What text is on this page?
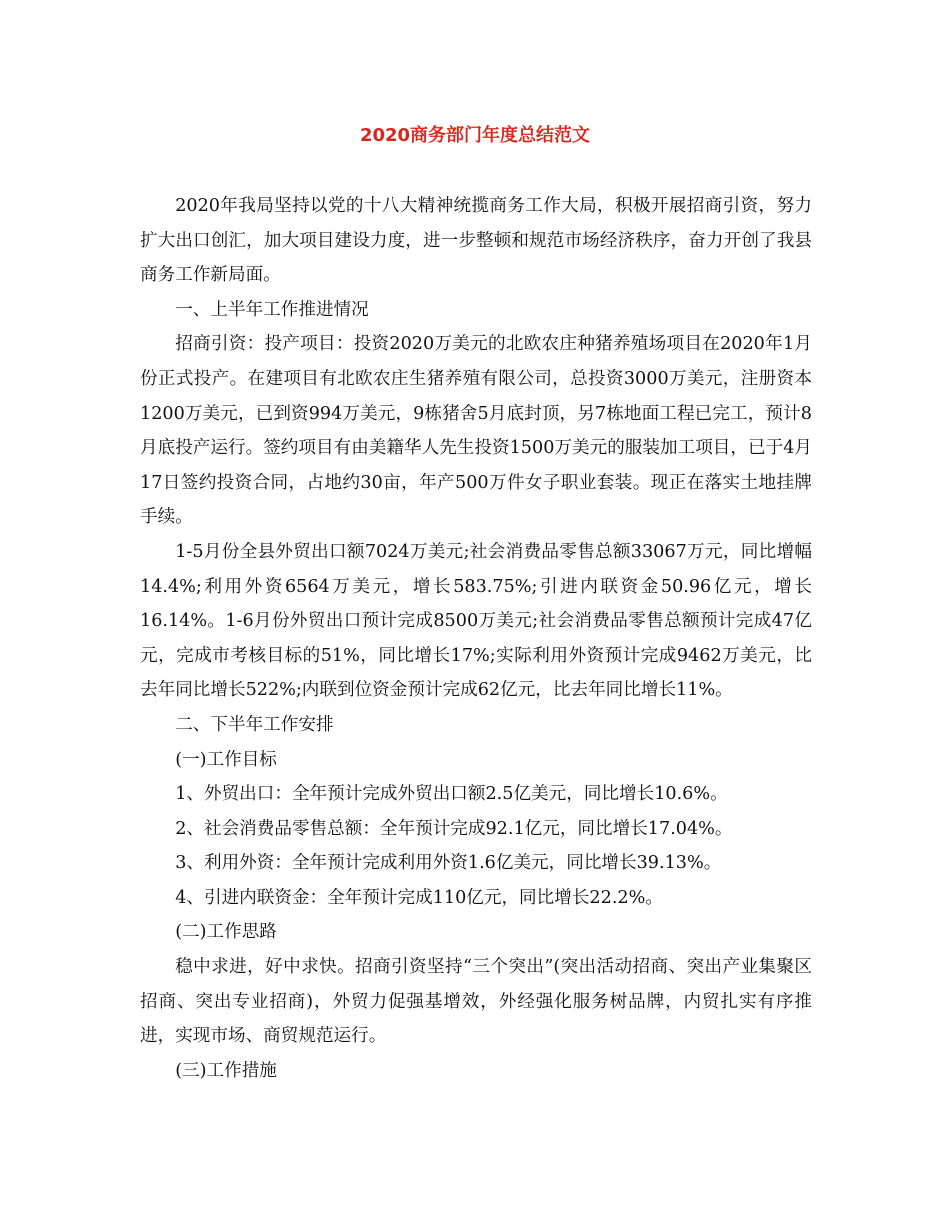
2020商务部门年度总结范文

2020年我局坚持以党的十八大精神统揽商务工作大局，积极开展招商引资，努力扩大出口创汇，加大项目建设力度，进一步整顿和规范市场经济秩序，奋力开创了我县商务工作新局面。

一、上半年工作推进情况

招商引资：投产项目：投资2020万美元的北欧农庄种猪养殖场项目在2020年1月份正式投产。在建项目有北欧农庄生猪养殖有限公司，总投资3000万美元，注册资本1200万美元，已到资994万美元，9栋猪舍5月底封顶，另7栋地面工程已完工，预计8月底投产运行。签约项目有由美籍华人先生投资1500万美元的服装加工项目，已于4月17日签约投资合同，占地约30亩，年产500万件女子职业套装。现正在落实土地挂牌手续。

1-5月份全县外贸出口额7024万美元;社会消费品零售总额33067万元，同比增幅14.4%;利用外资6564万美元，增长583.75%;引进内联资金50.96亿元，增长16.14%。1-6月份外贸出口预计完成8500万美元;社会消费品零售总额预计完成47亿元，完成市考核目标的51%，同比增长17%;实际利用外资预计完成9462万美元，比去年同比增长522%;内联到位资金预计完成62亿元，比去年同比增长11%。

二、下半年工作安排

(一)工作目标

1、外贸出口：全年预计完成外贸出口额2.5亿美元，同比增长10.6%。

2、社会消费品零售总额：全年预计完成92.1亿元，同比增长17.04%。

3、利用外资：全年预计完成利用外资1.6亿美元，同比增长39.13%。

4、引进内联资金：全年预计完成110亿元，同比增长22.2%。

(二)工作思路

稳中求进，好中求快。招商引资坚持“三个突出”(突出活动招商、突出产业集聚区招商、突出专业招商)，外贸力促强基增效，外经强化服务树品牌，内贸扎实有序推进，实现市场、商贸规范运行。

(三)工作措施
